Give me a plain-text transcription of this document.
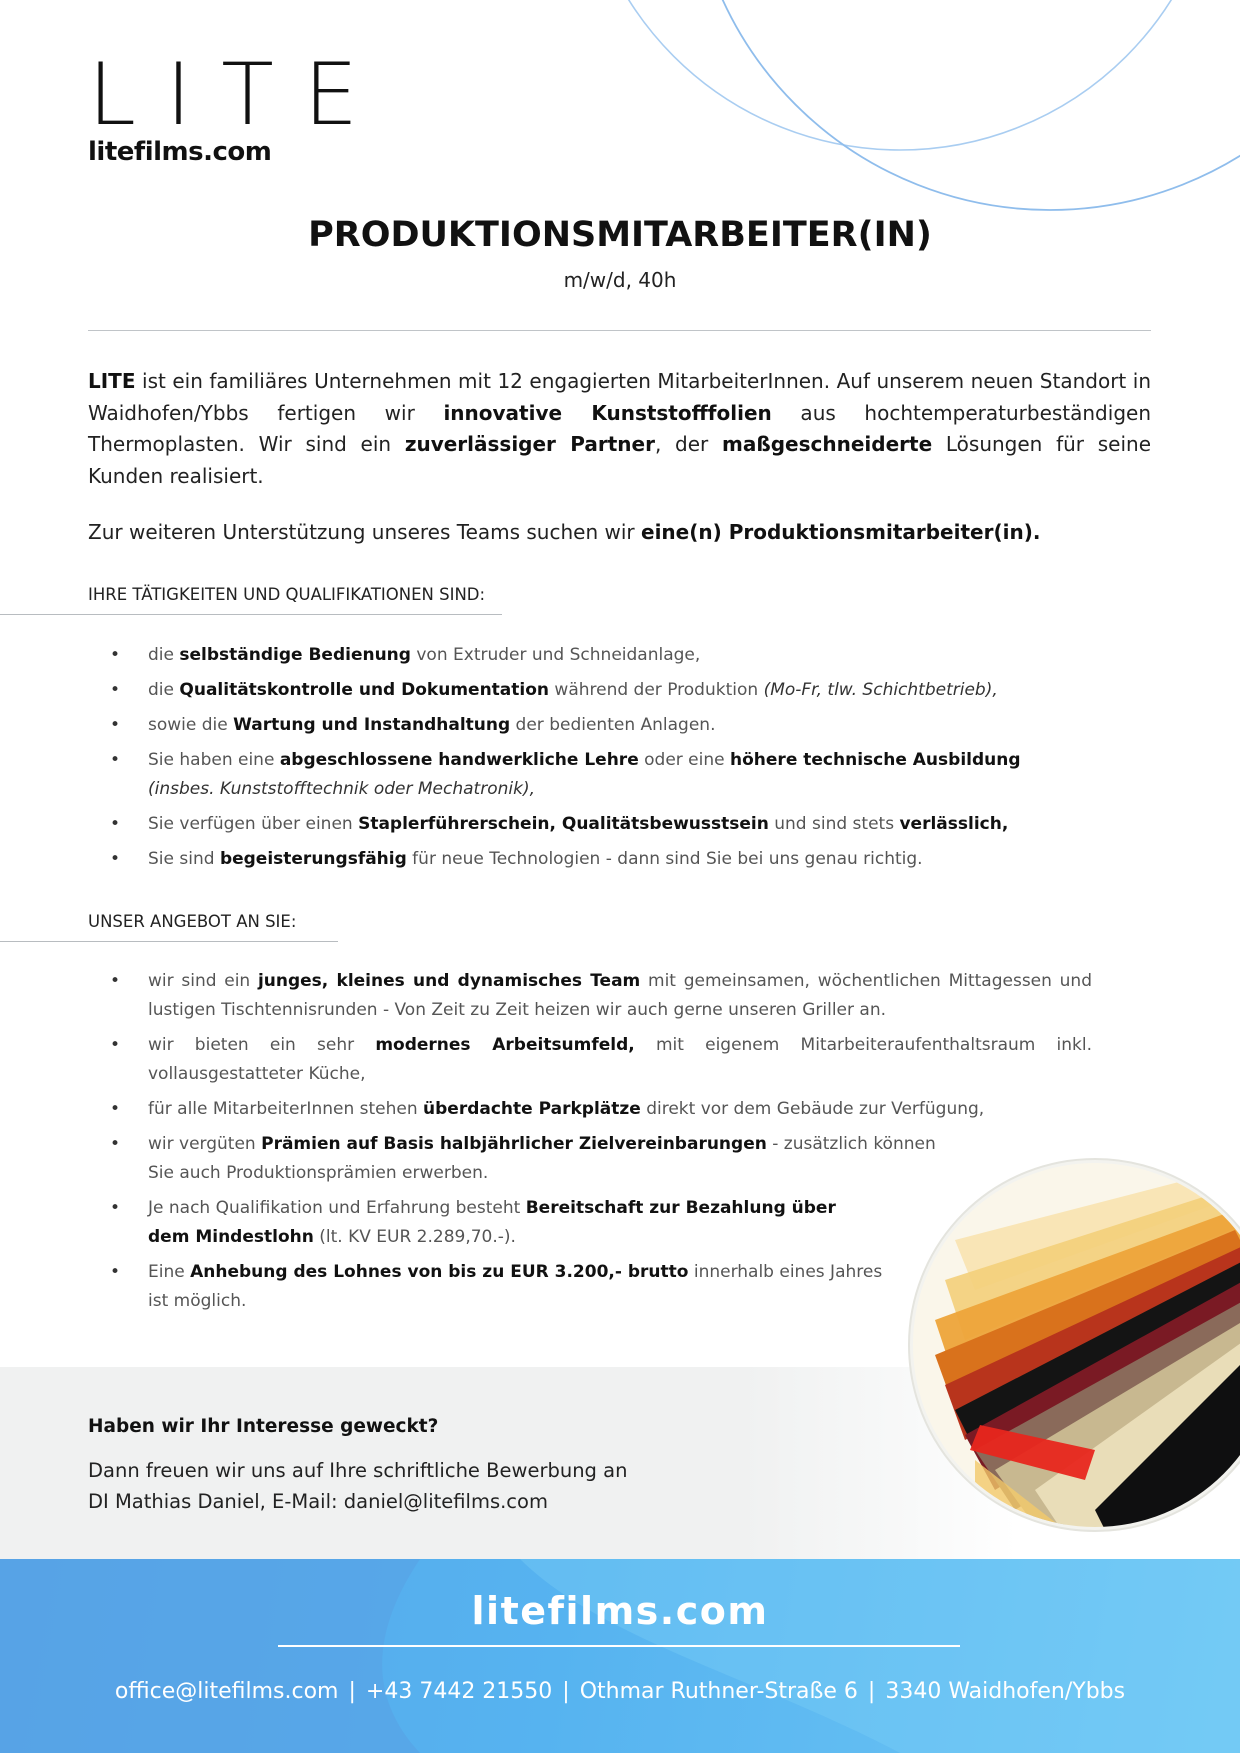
LITE
litefilms.com
PRODUKTIONSMITARBEITER(IN)
m/w/d, 40h
LITE ist ein familiäres Unternehmen mit 12 engagierten MitarbeiterInnen. Auf unserem neuen Standort in Waidhofen/Ybbs fertigen wir innovative Kunststofffolien aus hochtemperaturbeständigen Thermoplasten. Wir sind ein zuverlässiger Partner, der maßgeschneiderte Lösungen für seine Kunden realisiert.
Zur weiteren Unterstützung unseres Teams suchen wir eine(n) Produktionsmitarbeiter(in).
IHRE TÄTIGKEITEN UND QUALIFIKATIONEN SIND:
• die selbständige Bedienung von Extruder und Schneidanlage,
• die Qualitätskontrolle und Dokumentation während der Produktion (Mo-Fr, tlw. Schichtbetrieb),
• sowie die Wartung und Instandhaltung der bedienten Anlagen.
• Sie haben eine abgeschlossene handwerkliche Lehre oder eine höhere technische Ausbildung
(insbes. Kunststofftechnik oder Mechatronik),
• Sie verfügen über einen Staplerführerschein, Qualitätsbewusstsein und sind stets verlässlich,
• Sie sind begeisterungsfähig für neue Technologien - dann sind Sie bei uns genau richtig.
UNSER ANGEBOT AN SIE:
• wir sind ein junges, kleines und dynamisches Team mit gemeinsamen, wöchentlichen Mittagessen und lustigen Tischtennisrunden - Von Zeit zu Zeit heizen wir auch gerne unseren Griller an.
• wir bieten ein sehr modernes Arbeitsumfeld, mit eigenem Mitarbeiteraufenthaltsraum inkl. vollausgestatteter Küche,
• für alle MitarbeiterInnen stehen überdachte Parkplätze direkt vor dem Gebäude zur Verfügung,
• wir vergüten Prämien auf Basis halbjährlicher Zielvereinbarungen - zusätzlich können
Sie auch Produktionsprämien erwerben.
• Je nach Qualifikation und Erfahrung besteht Bereitschaft zur Bezahlung über
dem Mindestlohn (lt. KV EUR 2.289,70.-).
• Eine Anhebung des Lohnes von bis zu EUR 3.200,- brutto innerhalb eines Jahres
ist möglich.
Haben wir Ihr Interesse geweckt?
Dann freuen wir uns auf Ihre schriftliche Bewerbung an
DI Mathias Daniel, E-Mail: daniel@litefilms.com
litefilms.com
office@litefilms.com | +43 7442 21550 | Othmar Ruthner-Straße 6 | 3340 Waidhofen/Ybbs
